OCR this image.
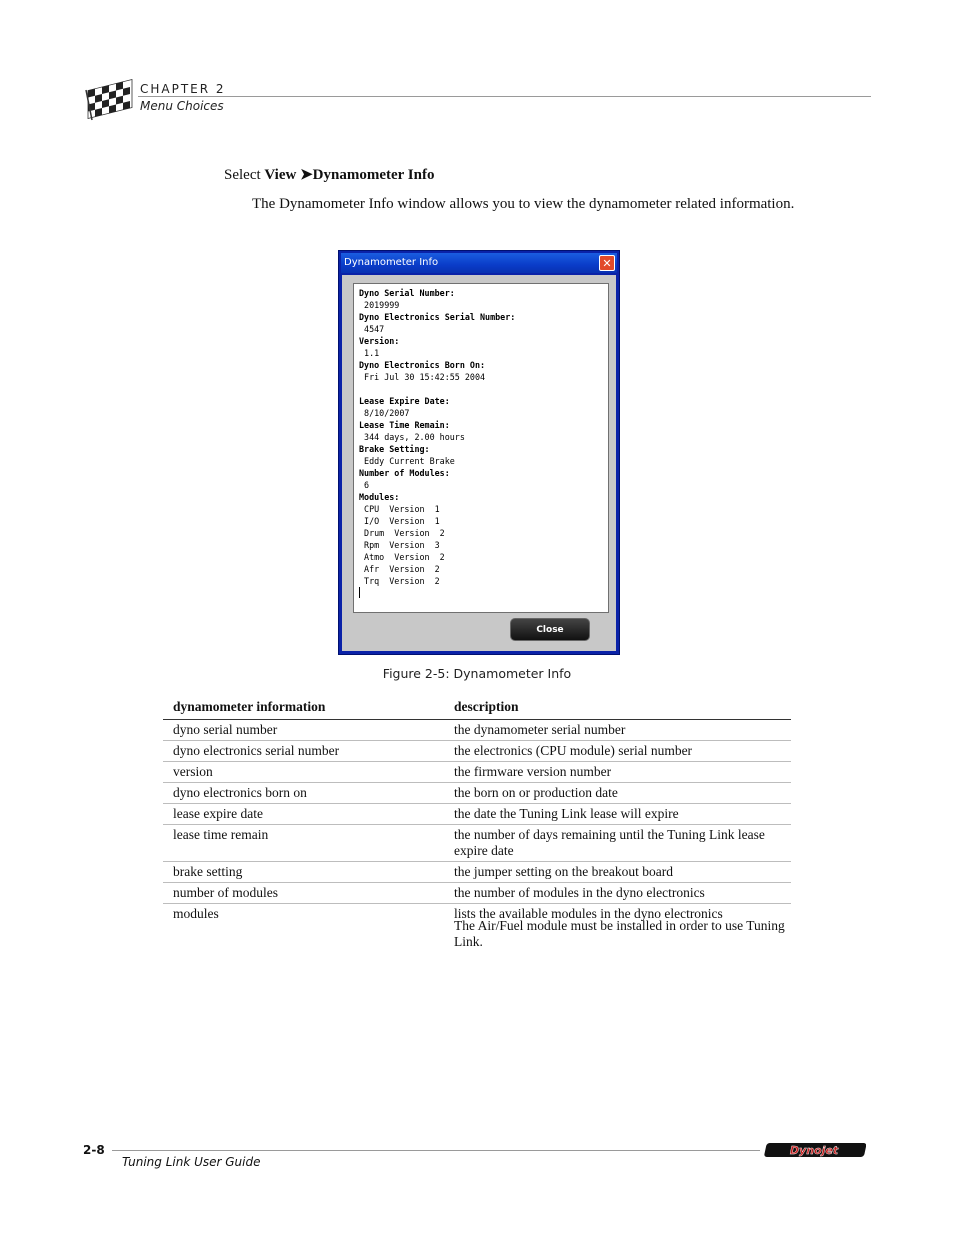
CHAPTER 2
Menu Choices
Select View ➤Dynamometer Info
The Dynamometer Info window allows you to view the dynamometer related information.
Dynamometer Info	✕
Dyno Serial Number:
2019999
Dyno Electronics Serial Number:
4547
Version:
1.1
Dyno Electronics Born On:
Fri Jul 30 15:42:55 2004
Lease Expire Date:
8/10/2007
Lease Time Remain:
344 days, 2.00 hours
Brake Setting:
Eddy Current Brake
Number of Modules:
6
Modules:
CPU  Version  1
I/O  Version  1
Drum  Version  2
Rpm  Version  3
Atmo  Version  2
Afr  Version  2
Trq  Version  2
Close
Figure 2-5: Dynamometer Info
dynamometer information	description
dyno serial number	the dynamometer serial number
dyno electronics serial number	the electronics (CPU module) serial number
version	the firmware version number
dyno electronics born on	the born on or production date
lease expire date	the date the Tuning Link lease will expire
lease time remain	the number of days remaining until the Tuning Link lease expire date
brake setting	the jumper setting on the breakout board
number of modules	the number of modules in the dyno electronics
modules	lists the available modules in the dyno electronics
The Air/Fuel module must be installed in order to use Tuning Link.
2-8
Tuning Link User Guide
Dynojet
